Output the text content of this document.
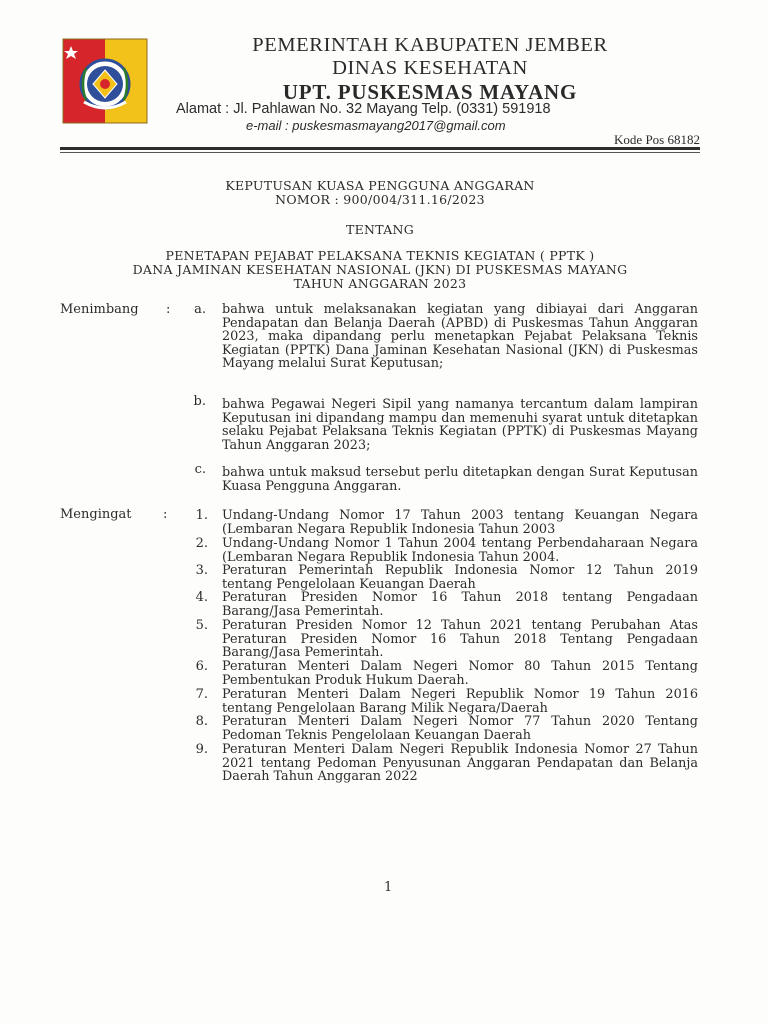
PEMERINTAH KABUPATEN JEMBER
DINAS KESEHATAN
UPT. PUSKESMAS MAYANG
Alamat : Jl. Pahlawan No. 32 Mayang Telp. (0331) 591918
e-mail : puskesmasmayang2017@gmail.com
Kode Pos 68182
KEPUTUSAN KUASA PENGGUNA ANGGARAN
NOMOR : 900/004/311.16/2023
TENTANG
PENETAPAN PEJABAT PELAKSANA TEKNIS KEGIATAN ( PPTK )
DANA JAMINAN KESEHATAN NASIONAL (JKN) DI PUSKESMAS MAYANG
TAHUN ANGGARAN 2023
Menimbang :	a. bahwa untuk melaksanakan kegiatan yang dibiayai dari Anggaran Pendapatan dan Belanja Daerah (APBD) di Puskesmas Tahun Anggaran 2023, maka dipandang perlu menetapkan Pejabat Pelaksana Teknis Kegiatan (PPTK) Dana Jaminan Kesehatan Nasional (JKN) di Puskesmas Mayang melalui Surat Keputusan;
b. bahwa Pegawai Negeri Sipil yang namanya tercantum dalam lampiran Keputusan ini dipandang mampu dan memenuhi syarat untuk ditetapkan selaku Pejabat Pelaksana Teknis Kegiatan (PPTK) di Puskesmas Mayang Tahun Anggaran 2023;
c. bahwa untuk maksud tersebut perlu ditetapkan dengan Surat Keputusan Kuasa Pengguna Anggaran.
Mengingat :	1. Undang-Undang Nomor 17 Tahun 2003 tentang Keuangan Negara (Lembaran Negara Republik Indonesia Tahun 2003
2. Undang-Undang Nomor 1 Tahun 2004 tentang Perbendaharaan Negara (Lembaran Negara Republik Indonesia Tahun 2004.
3. Peraturan Pemerintah Republik Indonesia Nomor 12 Tahun 2019 tentang Pengelolaan Keuangan Daerah
4. Peraturan Presiden Nomor 16 Tahun 2018 tentang Pengadaan Barang/Jasa Pemerintah.
5. Peraturan Presiden Nomor 12 Tahun 2021 tentang Perubahan Atas Peraturan Presiden Nomor 16 Tahun 2018 Tentang Pengadaan Barang/Jasa Pemerintah.
6. Peraturan Menteri Dalam Negeri Nomor 80 Tahun 2015 Tentang Pembentukan Produk Hukum Daerah.
7. Peraturan Menteri Dalam Negeri Republik Nomor 19 Tahun 2016 tentang Pengelolaan Barang Milik Negara/Daerah
8. Peraturan Menteri Dalam Negeri Nomor 77 Tahun 2020 Tentang Pedoman Teknis Pengelolaan Keuangan Daerah
9. Peraturan Menteri Dalam Negeri Republik Indonesia Nomor 27 Tahun 2021 tentang Pedoman Penyusunan Anggaran Pendapatan dan Belanja Daerah Tahun Anggaran 2022
1
